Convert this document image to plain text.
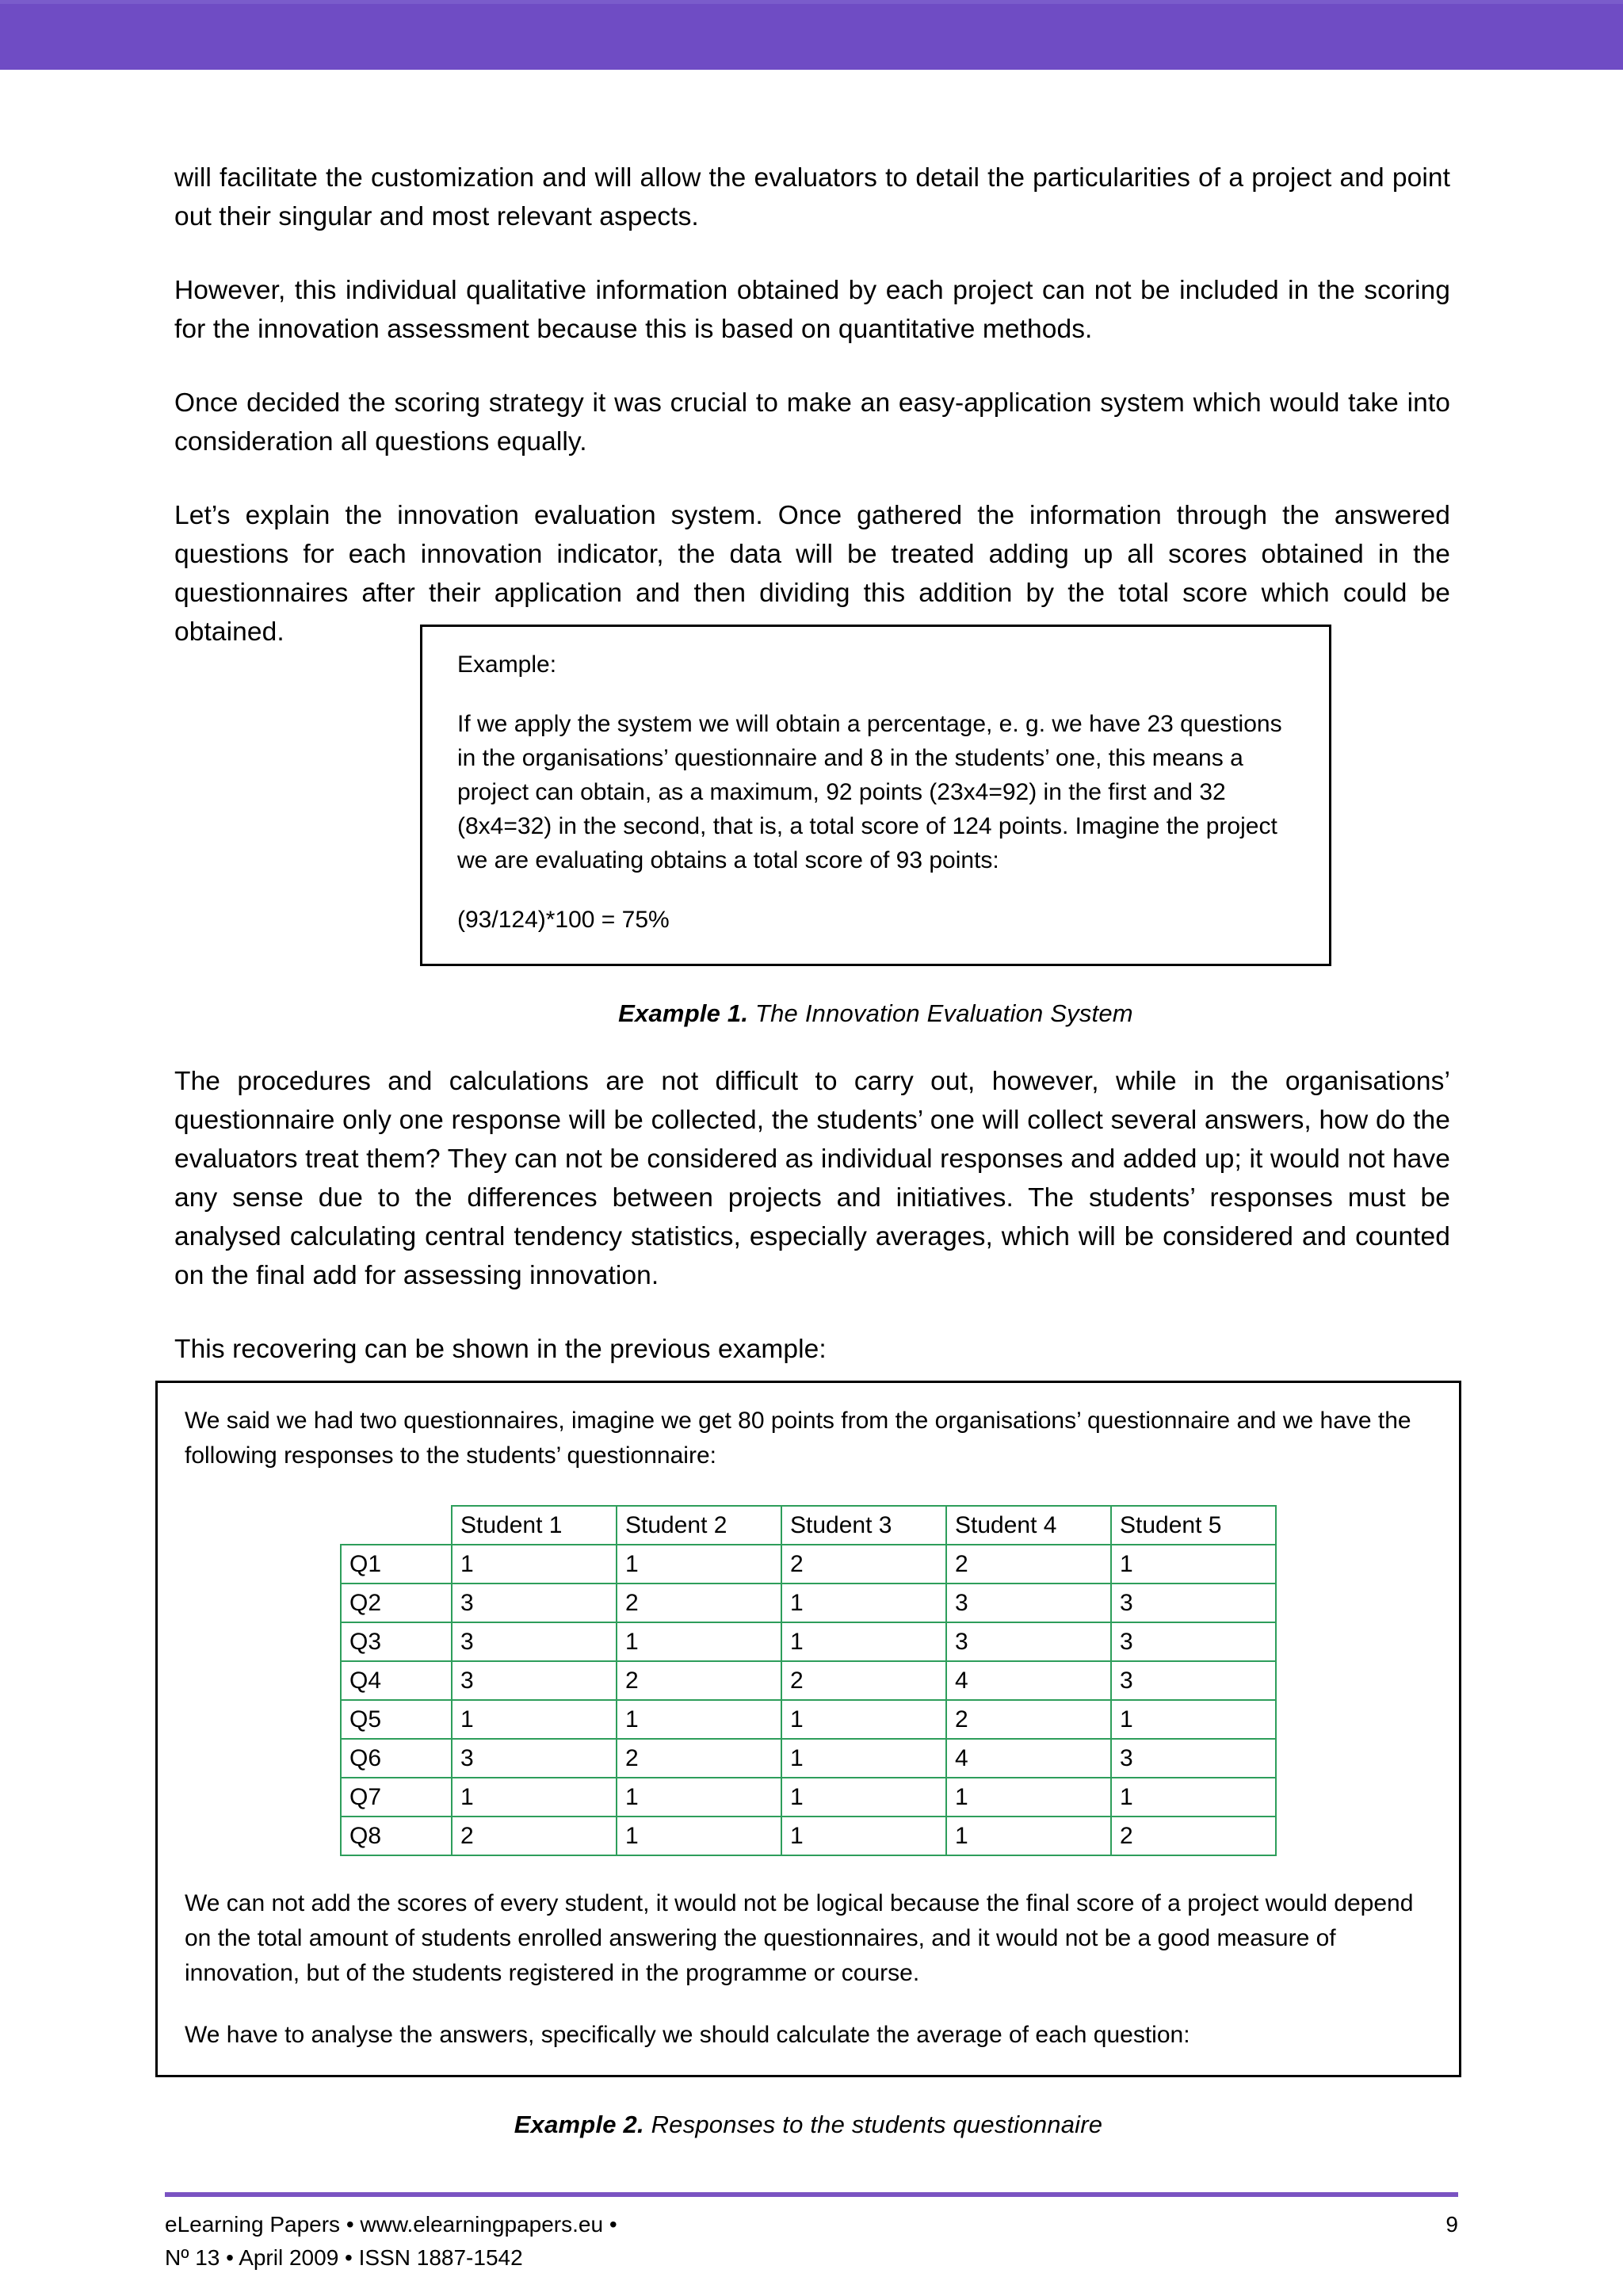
will facilitate the customization and will allow the evaluators to detail the particularities of a project and point out their singular and most relevant aspects.

However, this individual qualitative information obtained by each project can not be included in the scoring for the innovation assessment because this is based on quantitative methods.

Once decided the scoring strategy it was crucial to make an easy-application system which would take into consideration all questions equally.

Let’s explain the innovation evaluation system. Once gathered the information through the answered questions for each innovation indicator, the data will be treated adding up all scores obtained in the questionnaires after their application and then dividing this addition by the total score which could be obtained.

Example:

If we apply the system we will obtain a percentage, e. g. we have 23 questions in the organisations’ questionnaire and 8 in the students’ one, this means a project can obtain, as a maximum, 92 points (23x4=92) in the first and 32 (8x4=32) in the second, that is, a total score of 124 points. Imagine the project we are evaluating obtains a total score of 93 points:

(93/124)*100 = 75%

Example 1. The Innovation Evaluation System

The procedures and calculations are not difficult to carry out, however, while in the organisations’ questionnaire only one response will be collected, the students’ one will collect several answers, how do the evaluators treat them? They can not be considered as individual responses and added up; it would not have any sense due to the differences between projects and initiatives. The students’ responses must be analysed calculating central tendency statistics, especially averages, which will be considered and counted on the final add for assessing innovation.

This recovering can be shown in the previous example:

We said we had two questionnaires, imagine we get 80 points from the organisations’ questionnaire and we have the following responses to the students’ questionnaire:

	Student 1	Student 2	Student 3	Student 4	Student 5
Q1	1	1	2	2	1
Q2	3	2	1	3	3
Q3	3	1	1	3	3
Q4	3	2	2	4	3
Q5	1	1	1	2	1
Q6	3	2	1	4	3
Q7	1	1	1	1	1
Q8	2	1	1	1	2

We can not add the scores of every student, it would not be logical because the final score of a project would depend on the total amount of students enrolled answering the questionnaires, and it would not be a good measure of innovation, but of the students registered in the programme or course.

We have to analyse the answers, specifically we should calculate the average of each question:

Example 2. Responses to the students questionnaire
eLearning Papers • www.elearningpapers.eu •
Nº 13 • April 2009 • ISSN 1887-1542
9
